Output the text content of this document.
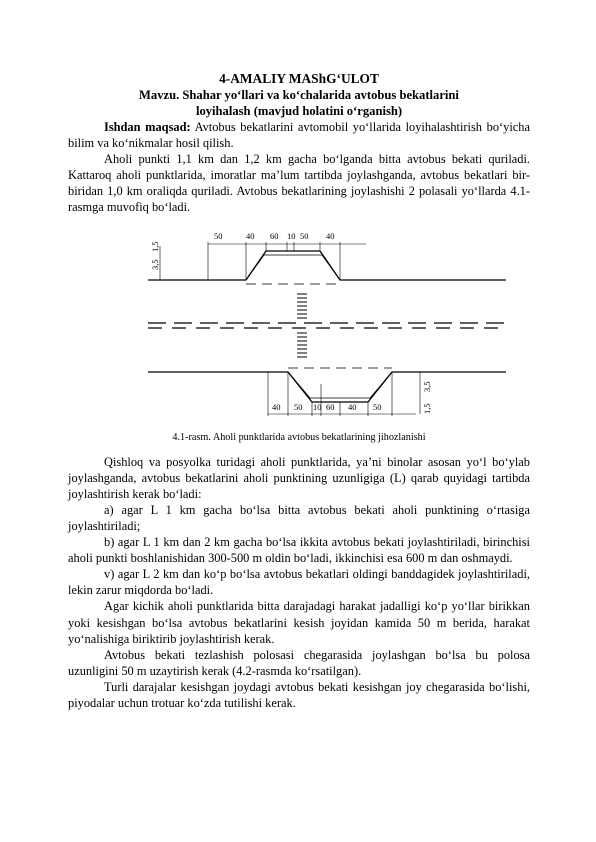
4-AMALIY MAShG‘ULOT
Mavzu. Shahar yo‘llari va ko‘chalarida avtobus bekatlarini
loyihalash (mavjud holatini o‘rganish)

Ishdan maqsad: Avtobus bekatlarini avtomobil yo‘llarida loyihalashtirish bo‘yicha bilim va ko‘nikmalar hosil qilish.

Aholi punkti 1,1 km dan 1,2 km gacha bo‘lganda bitta avtobus bekati quriladi. Kattaroq aholi punktlarida, imoratlar ma’lum tartibda joylashganda, avtobus bekatlari bir-biridan 1,0 km oraliqda quriladi. Avtobus bekatlarining joylashishi 2 polasali yo‘llarda 4.1-rasmga muvofiq bo‘ladi.

50	40 60 10 50 40
40 50 10 60 40 50
3,5
1,5
3,5
1,5
4.1-rasm. Aholi punktlarida avtobus bekatlarining jihozlanishi

Qishloq va posyolka turidagi aholi punktlarida, ya’ni binolar asosan yo‘l bo‘ylab joylashganda, avtobus bekatlarini aholi punktining uzunligiga (L) qarab quyidagi tartibda joylashtirish kerak bo‘ladi:

a) agar L 1 km gacha bo‘lsa bitta avtobus bekati aholi punktining o‘rtasiga joylashtiriladi;

b) agar L 1 km dan 2 km gacha bo‘lsa ikkita avtobus bekati joylashtiriladi, birinchisi aholi punkti boshlanishidan 300-500 m oldin bo‘ladi, ikkinchisi esa 600 m dan oshmaydi.

v) agar L 2 km dan ko‘p bo‘lsa avtobus bekatlari oldingi banddagidek joylashtiriladi, lekin zarur miqdorda bo‘ladi.

Agar kichik aholi punktlarida bitta darajadagi harakat jadalligi ko‘p yo‘llar birikkan yoki kesishgan bo‘lsa avtobus bekatlarini kesish joyidan kamida 50 m berida, harakat yo‘nalishiga biriktirib joylashtirish kerak.

Avtobus bekati tezlashish polosasi chegarasida joylashgan bo‘lsa bu polosa uzunligini 50 m uzaytirish kerak (4.2-rasmda ko‘rsatilgan).

Turli darajalar kesishgan joydagi avtobus bekati kesishgan joy chegarasida bo‘lishi, piyodalar uchun trotuar ko‘zda tutilishi kerak.
